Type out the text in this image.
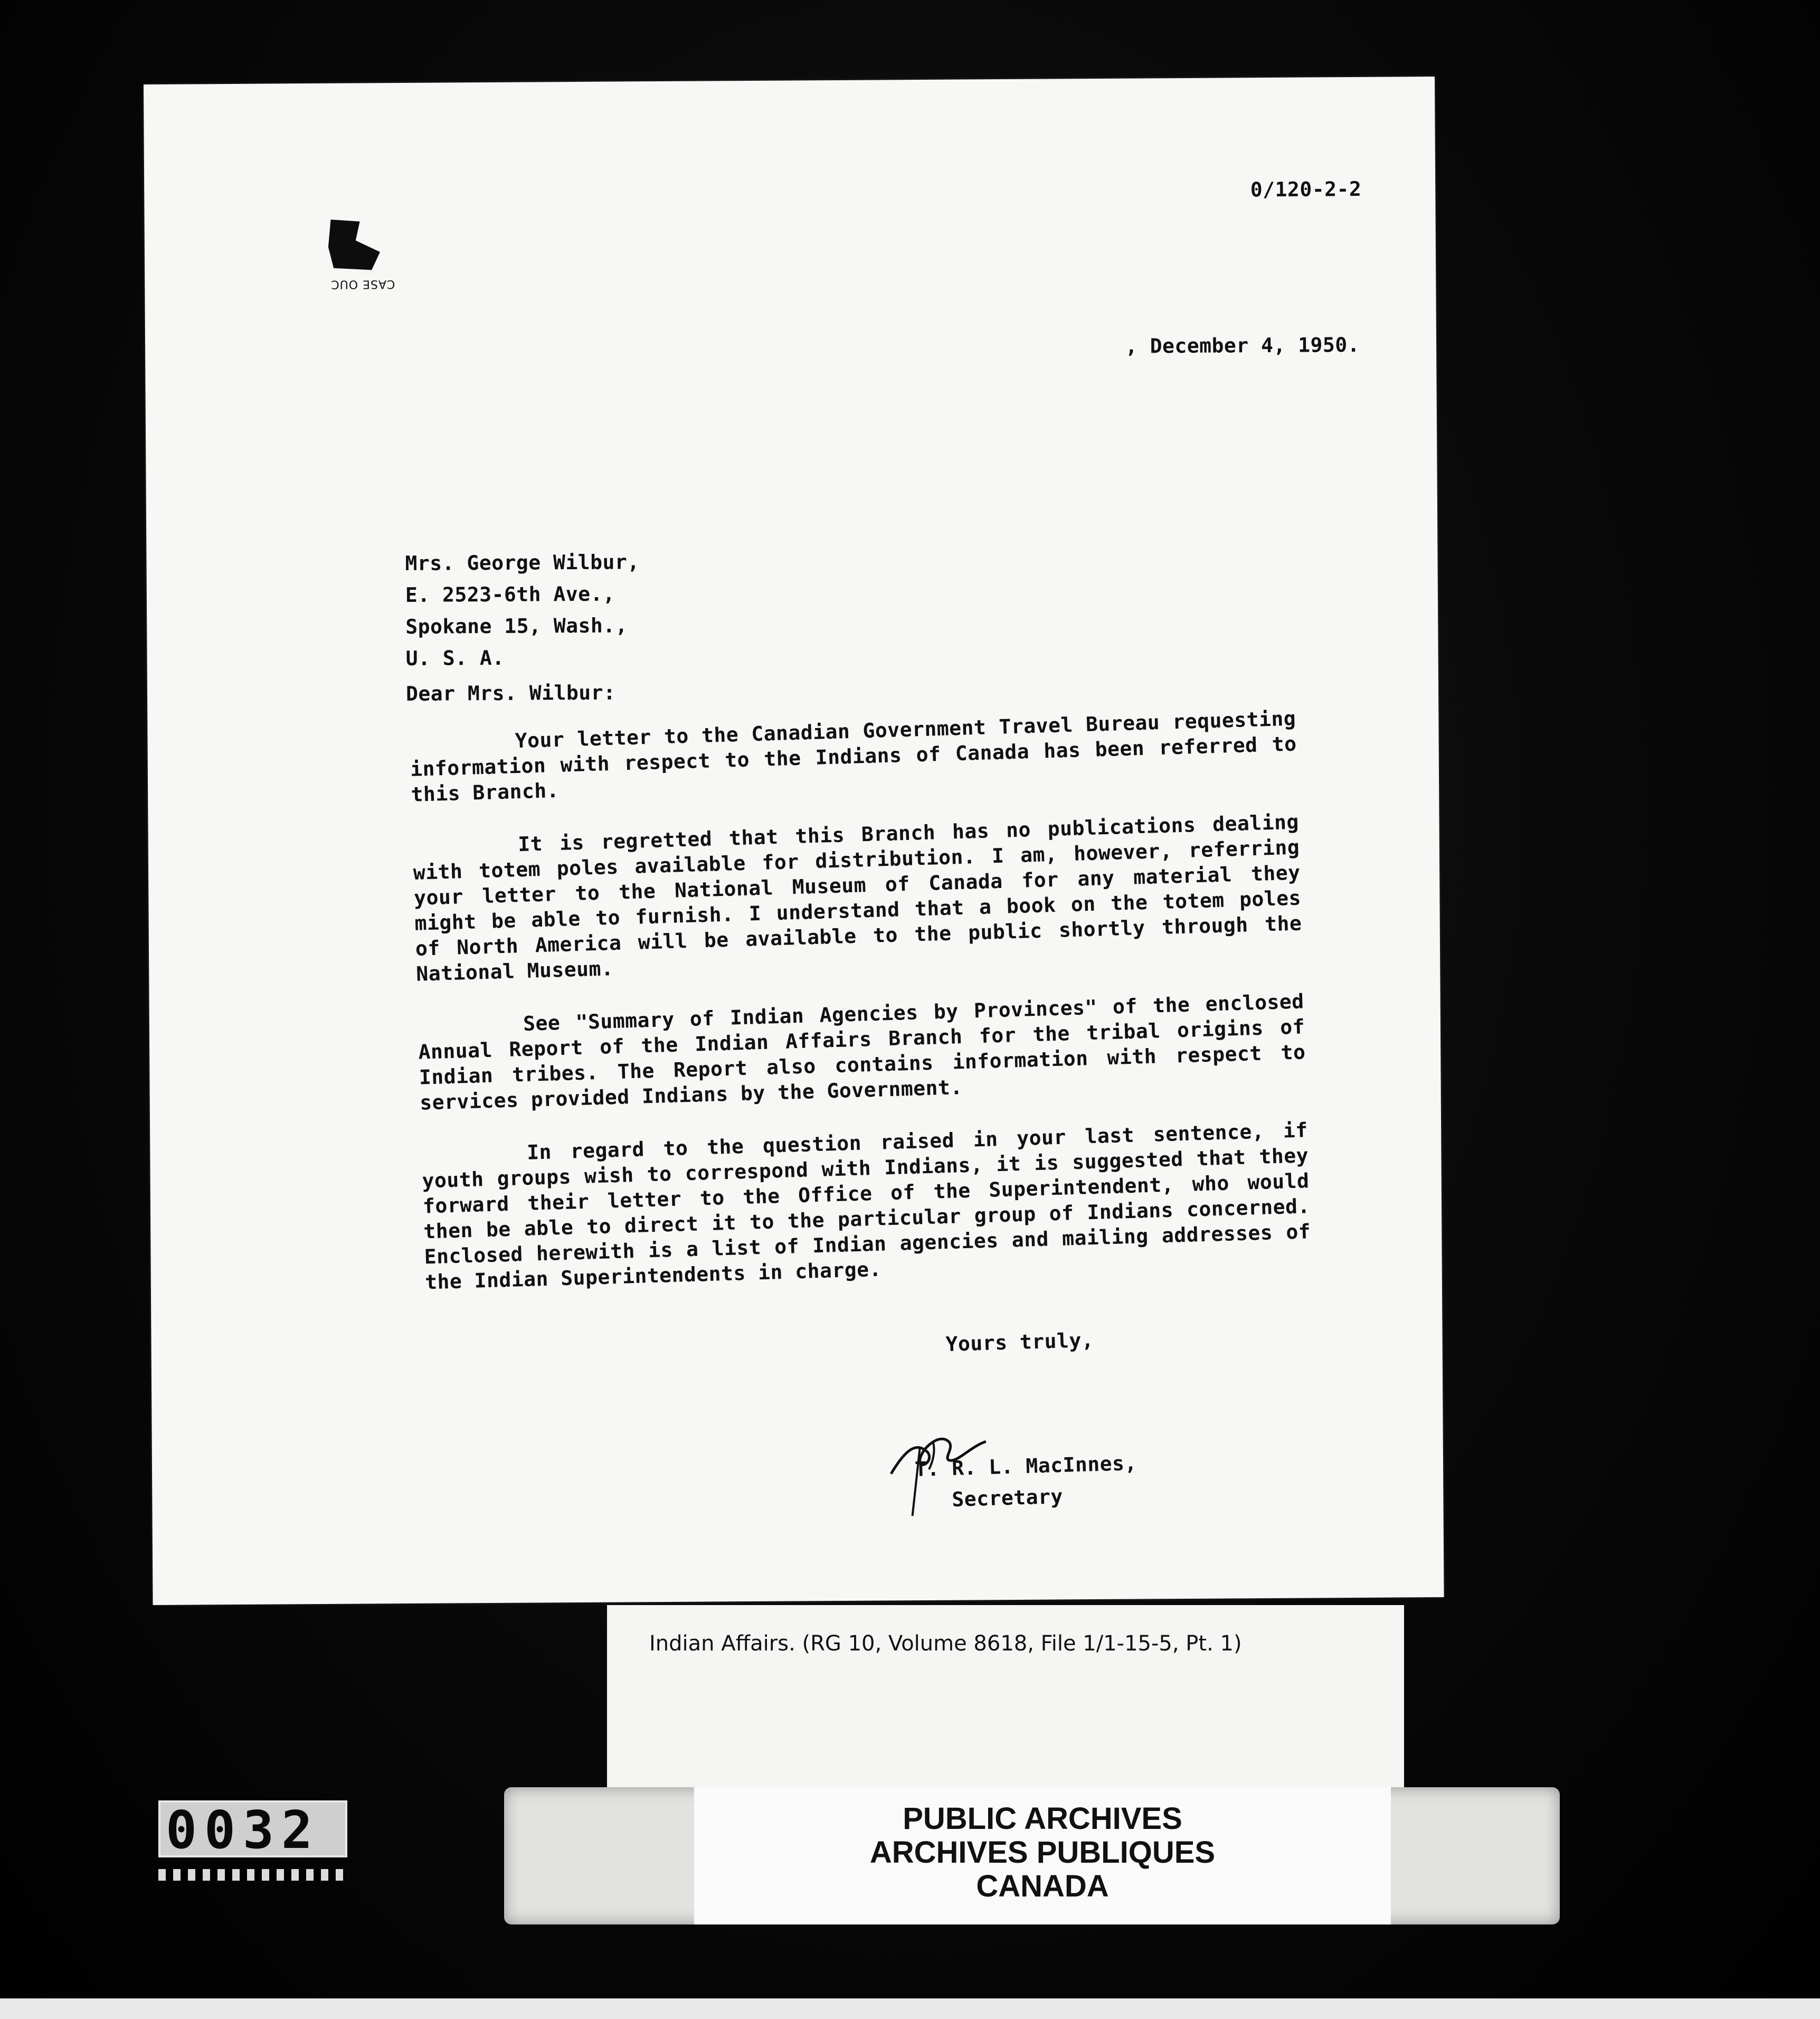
CASE OUC
0/120-2-2
, December 4, 1950.
Mrs. George Wilbur,
E. 2523-6th Ave.,
Spokane 15, Wash.,
U. S. A.
Dear Mrs. Wilbur:

Your letter to the Canadian Government Travel Bureau requesting information with respect to the Indians of Canada has been referred to this Branch.

It is regretted that this Branch has no publications dealing with totem poles available for distribution. I am, however, referring your letter to the National Museum of Canada for any material they might be able to furnish. I understand that a book on the totem poles of North America will be available to the public shortly through the National Museum.

See "Summary of Indian Agencies by Provinces" of the enclosed Annual Report of the Indian Affairs Branch for the tribal origins of Indian tribes. The Report also contains information with respect to services provided Indians by the Government.

In regard to the question raised in your last sentence, if youth groups wish to correspond with Indians, it is suggested that they forward their letter to the Office of the Superintendent, who would then be able to direct it to the particular group of Indians concerned. Enclosed herewith is a list of Indian agencies and mailing addresses of the Indian Superintendents in charge.

Yours truly,
T. R. L. MacInnes,
Secretary
Indian Affairs. (RG 10, Volume 8618, File 1/1-15-5, Pt. 1)
PUBLIC ARCHIVES
ARCHIVES PUBLIQUES
CANADA
0032
